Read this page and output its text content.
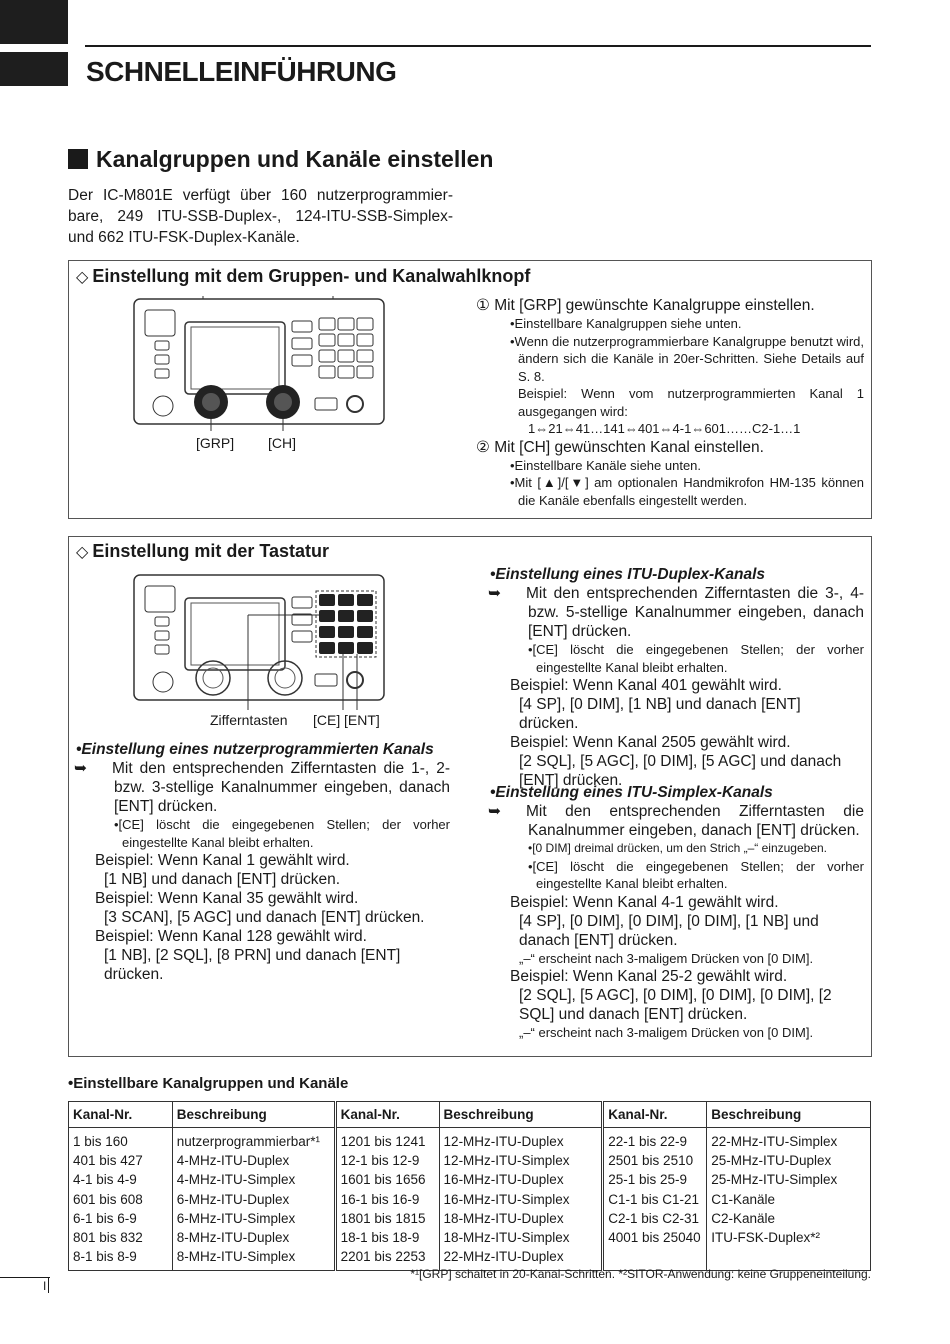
SCHNELLEINFÜHRUNG
Kanalgruppen und Kanäle einstellen
Der IC-M801E verfügt über 160 nutzerprogrammier-bare, 249 ITU-SSB-Duplex-, 124-ITU-SSB-Simplex- und 662 ITU-FSK-Duplex-Kanäle.
◇ Einstellung mit dem Gruppen- und Kanalwahlknopf
[GRP] [CH]
① Mit [GRP] gewünschte Kanalgruppe einstellen.
•Einstellbare Kanalgruppen siehe unten.
•Wenn die nutzerprogrammierbare Kanalgruppe benutzt wird, ändern sich die Kanäle in 20er-Schritten. Siehe Details auf S. 8.
Beispiel: Wenn vom nutzerprogrammierten Kanal 1 ausgegangen wird:
1⇔21⇔41…141⇔401⇔4-1⇔601……C2-1…1
② Mit [CH] gewünschten Kanal einstellen.
•Einstellbare Kanäle siehe unten.
•Mit [▲]/[▼] am optionalen Handmikrofon HM-135 können die Kanäle ebenfalls eingestellt werden.
◇ Einstellung mit der Tastatur
Zifferntasten [CE] [ENT]
•Einstellung eines nutzerprogrammierten Kanals
➥ Mit den entsprechenden Zifferntasten die 1-, 2-bzw. 3-stellige Kanalnummer eingeben, danach [ENT] drücken.
•[CE] löscht die eingegebenen Stellen; der vorher eingestellte Kanal bleibt erhalten.
Beispiel: Wenn Kanal 1 gewählt wird.
[1 NB] und danach [ENT] drücken.
Beispiel: Wenn Kanal 35 gewählt wird.
[3 SCAN], [5 AGC] und danach [ENT] drücken.
Beispiel: Wenn Kanal 128 gewählt wird.
[1 NB], [2 SQL], [8 PRN] und danach [ENT] drücken.
•Einstellung eines ITU-Duplex-Kanals
➥ Mit den entsprechenden Zifferntasten die 3-, 4-bzw. 5-stellige Kanalnummer eingeben, danach [ENT] drücken.
•[CE] löscht die eingegebenen Stellen; der vorher eingestellte Kanal bleibt erhalten.
Beispiel: Wenn Kanal 401 gewählt wird.
[4 SP], [0 DIM], [1 NB] und danach [ENT] drücken.
Beispiel: Wenn Kanal 2505 gewählt wird.
[2 SQL], [5 AGC], [0 DIM], [5 AGC] und danach [ENT] drücken.
•Einstellung eines ITU-Simplex-Kanals
➥ Mit den entsprechenden Zifferntasten die Kanalnummer eingeben, danach [ENT] drücken.
•[0 DIM] dreimal drücken, um den Strich „–“ einzugeben.
•[CE] löscht die eingegebenen Stellen; der vorher eingestellte Kanal bleibt erhalten.
Beispiel: Wenn Kanal 4-1 gewählt wird.
[4 SP], [0 DIM], [0 DIM], [0 DIM], [1 NB] und danach [ENT] drücken.
„–“ erscheint nach 3-maligem Drücken von [0 DIM].
Beispiel: Wenn Kanal 25-2 gewählt wird.
[2 SQL], [5 AGC], [0 DIM], [0 DIM], [0 DIM], [2 SQL] und danach [ENT] drücken.
„–“ erscheint nach 3-maligem Drücken von [0 DIM].
•Einstellbare Kanalgruppen und Kanäle
Kanal-Nr.	Beschreibung	Kanal-Nr.	Beschreibung	Kanal-Nr.	Beschreibung

1 bis 160	nutzerprogrammierbar*¹	1201 bis 1241	12-MHz-ITU-Duplex	22-1 bis 22-9	22-MHz-ITU-Simplex
401 bis 427	4-MHz-ITU-Duplex	12-1 bis 12-9	12-MHz-ITU-Simplex	2501 bis 2510	25-MHz-ITU-Duplex
4-1 bis 4-9	4-MHz-ITU-Simplex	1601 bis 1656	16-MHz-ITU-Duplex	25-1 bis 25-9	25-MHz-ITU-Simplex
601 bis 608	6-MHz-ITU-Duplex	16-1 bis 16-9	16-MHz-ITU-Simplex	C1-1 bis C1-21	C1-Kanäle
6-1 bis 6-9	6-MHz-ITU-Simplex	1801 bis 1815	18-MHz-ITU-Duplex	C2-1 bis C2-31	C2-Kanäle
801 bis 832	8-MHz-ITU-Duplex	18-1 bis 18-9	18-MHz-ITU-Simplex	4001 bis 25040	ITU-FSK-Duplex*²
8-1 bis 8-9	8-MHz-ITU-Simplex	2201 bis 2253	22-MHz-ITU-Duplex		

*¹[GRP] schaltet in 20-Kanal-Schritten. *²SITOR-Anwendung: keine Gruppeneinteilung.
I
